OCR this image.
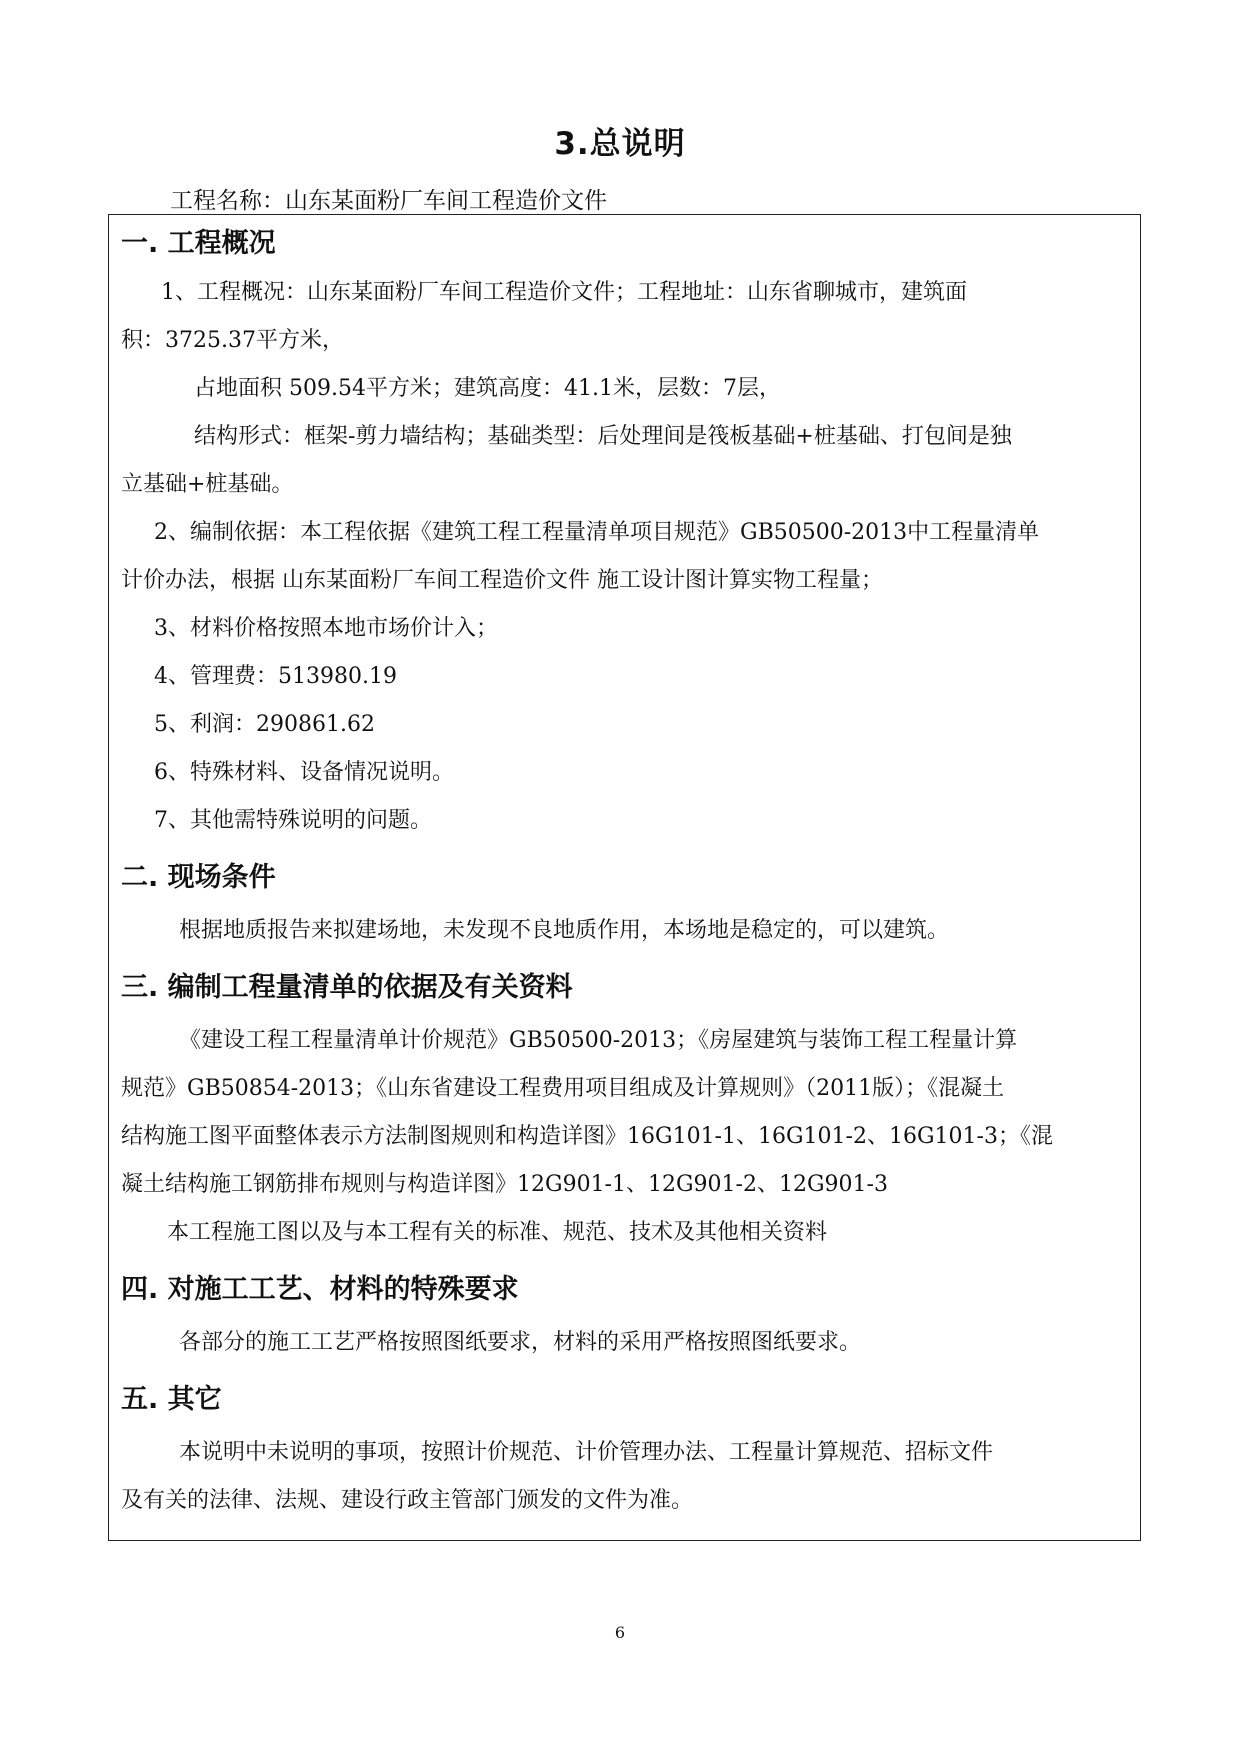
3.总说明
工程名称：山东某面粉厂车间工程造价文件
一. 工程概况
1、工程概况：山东某面粉厂车间工程造价文件；工程地址：山东省聊城市，建筑面
积：3725.37平方米，
占地面积 509.54平方米；建筑高度：41.1米，层数：7层，
结构形式：框架-剪力墙结构；基础类型：后处理间是筏板基础+桩基础、打包间是独
立基础+桩基础。
2、编制依据：本工程依据《建筑工程工程量清单项目规范》GB50500-2013中工程量清单
计价办法，根据 山东某面粉厂车间工程造价文件 施工设计图计算实物工程量；
3、材料价格按照本地市场价计入；
4、管理费：513980.19
5、利润：290861.62
6、特殊材料、设备情况说明。
7、其他需特殊说明的问题。
二. 现场条件
根据地质报告来拟建场地，未发现不良地质作用，本场地是稳定的，可以建筑。
三. 编制工程量清单的依据及有关资料
《建设工程工程量清单计价规范》GB50500-2013；《房屋建筑与装饰工程工程量计算
规范》GB50854-2013；《山东省建设工程费用项目组成及计算规则》（2011版）；《混凝土
结构施工图平面整体表示方法制图规则和构造详图》16G101-1、16G101-2、16G101-3；《混
凝土结构施工钢筋排布规则与构造详图》12G901-1、12G901-2、12G901-3
本工程施工图以及与本工程有关的标准、规范、技术及其他相关资料
四. 对施工工艺、材料的特殊要求
各部分的施工工艺严格按照图纸要求，材料的采用严格按照图纸要求。
五. 其它
本说明中未说明的事项，按照计价规范、计价管理办法、工程量计算规范、招标文件
及有关的法律、法规、建设行政主管部门颁发的文件为准。
6
